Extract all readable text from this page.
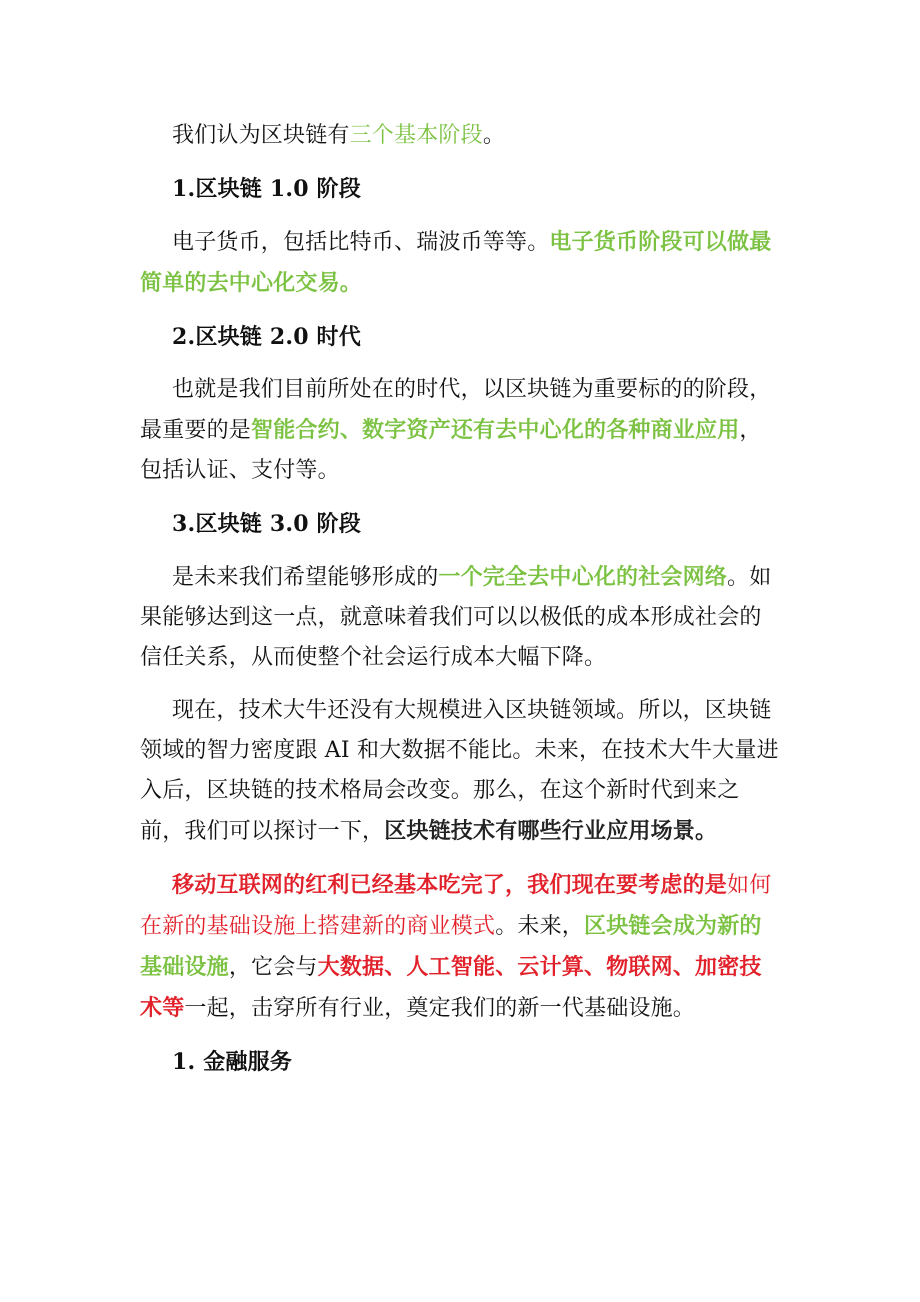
我们认为区块链有三个基本阶段。

1.区块链 1.0 阶段

电子货币，包括比特币、瑞波币等等。电子货币阶段可以做最简单的去中心化交易。

2.区块链 2.0 时代

也就是我们目前所处在的时代，以区块链为重要标的的阶段，最重要的是智能合约、数字资产还有去中心化的各种商业应用，包括认证、支付等。

3.区块链 3.0 阶段

是未来我们希望能够形成的一个完全去中心化的社会网络。如果能够达到这一点，就意味着我们可以以极低的成本形成社会的信任关系，从而使整个社会运行成本大幅下降。

现在，技术大牛还没有大规模进入区块链领域。所以，区块链领域的智力密度跟 AI 和大数据不能比。未来，在技术大牛大量进入后，区块链的技术格局会改变。那么，在这个新时代到来之前，我们可以探讨一下，区块链技术有哪些行业应用场景。

移动互联网的红利已经基本吃完了，我们现在要考虑的是如何在新的基础设施上搭建新的商业模式。未来，区块链会成为新的基础设施，它会与大数据、人工智能、云计算、物联网、加密技术等一起，击穿所有行业，奠定我们的新一代基础设施。

1. 金融服务
